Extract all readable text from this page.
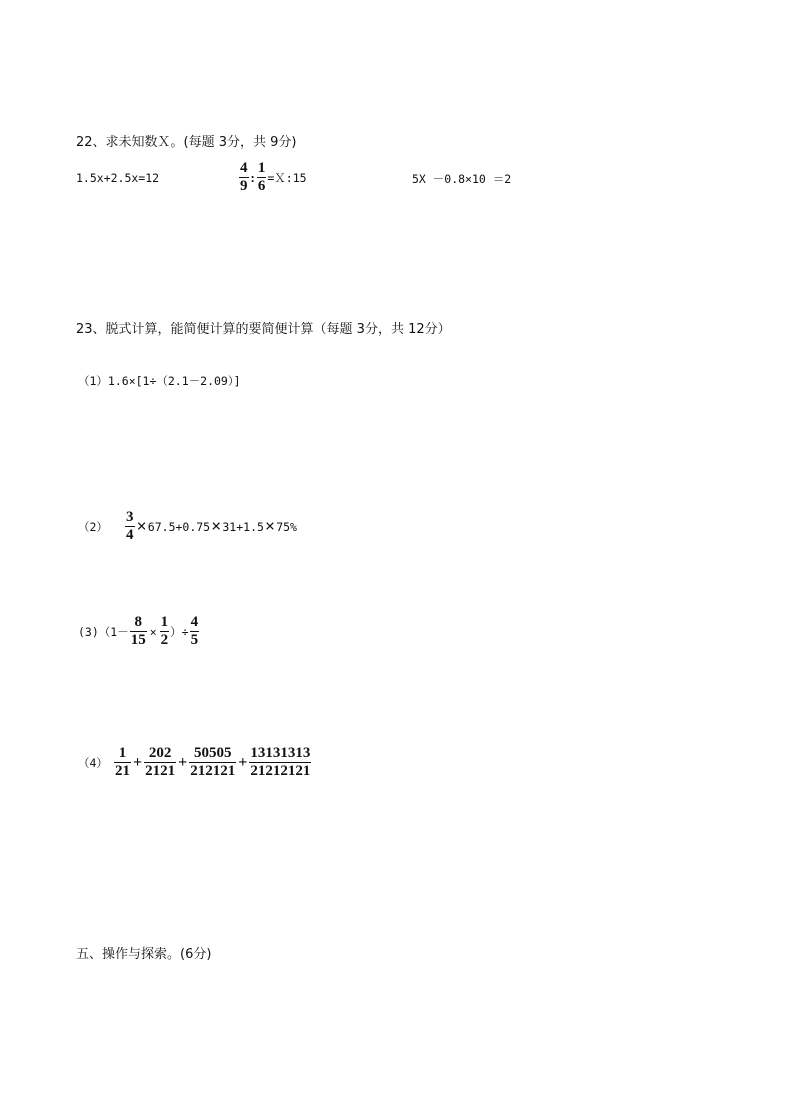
22、求未知数Ｘ。(每题 3分，共 9分)
1.5x+2.5x=12	$\frac{4}{9}$ : $\frac{1}{6}$ =Ｘ:15	5X －0.8×10 ＝2
23、脱式计算，能简便计算的要简便计算（每题 3分，共 12分）
（1）1.6×[1÷（2.1－2.09）]
$(2) \frac{3}{4} \times 67.5+0.75\times 31+1.5\times 75\%$
$(3)(1- \frac{8}{15} \times \frac{1}{2}$ ）÷ $\frac{4}{5}$
$(4) \frac{1}{21} + \frac{202}{2121} + \frac{50505}{212121} + \frac{13131313}{21212121}$
五、操作与探索。(6分)
